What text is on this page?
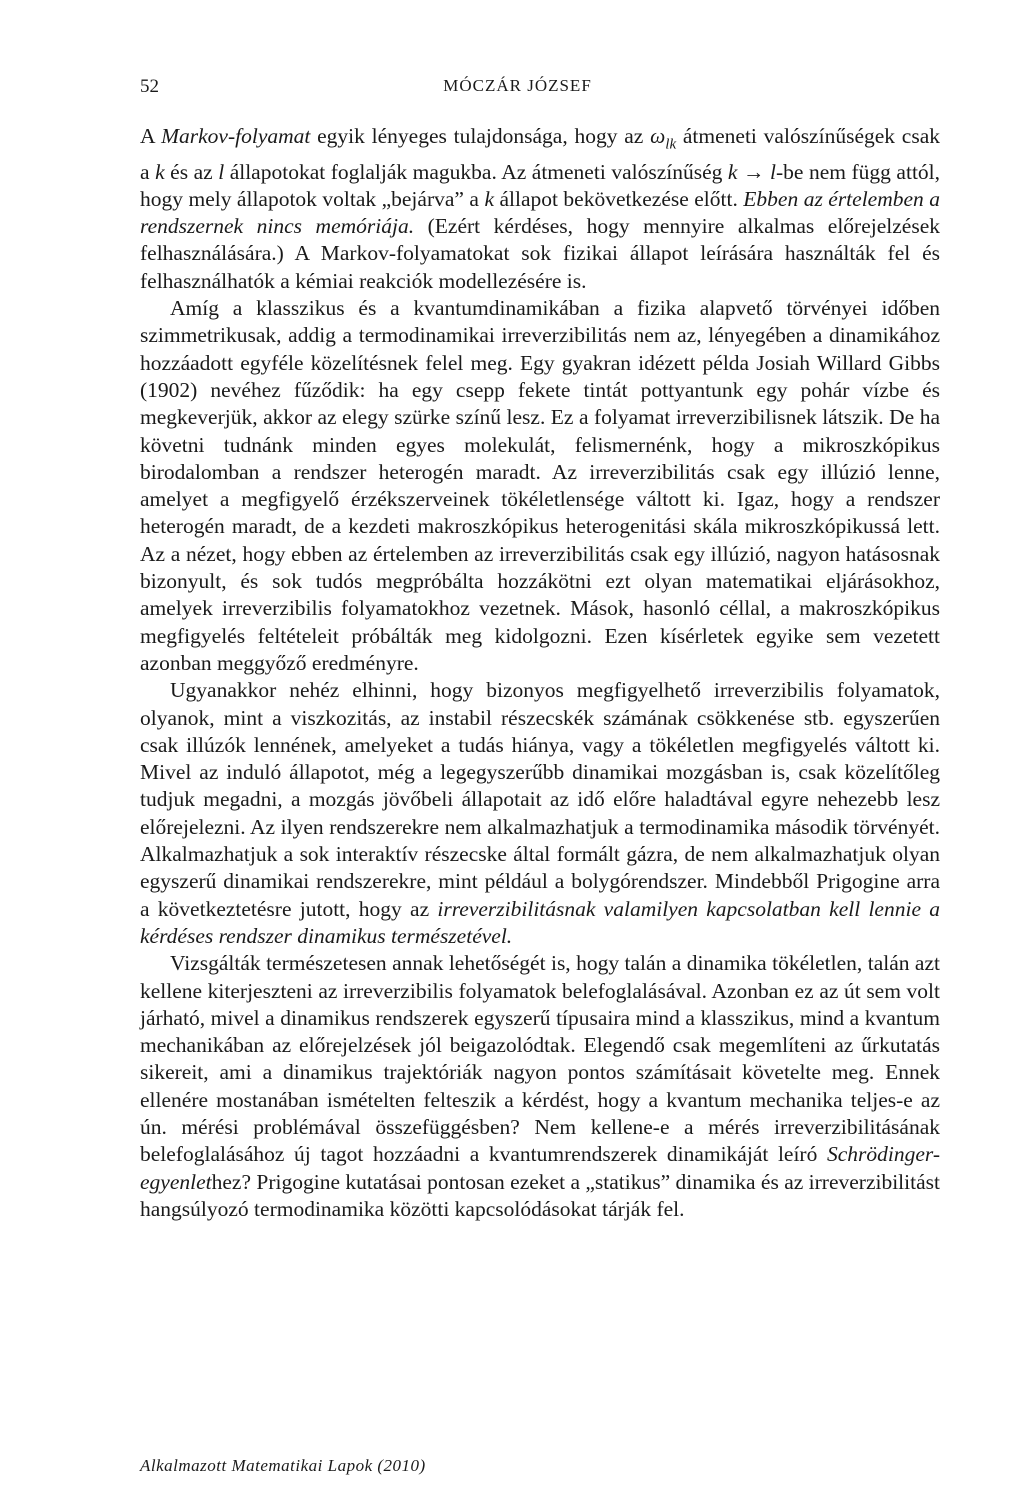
52	MÓCZÁR JÓZSEF

A Markov-folyamat egyik lényeges tulajdonsága, hogy az $\omega_{lk}$ átmeneti valószínűségek csak a k és az l állapotokat foglalják magukba. Az átmeneti valószínűség k → l-be nem függ attól, hogy mely állapotok voltak „bejárva” a k állapot bekövetkezése előtt. Ebben az értelemben a rendszernek nincs memóriája. (Ezért kérdéses, hogy mennyire alkalmas előrejelzések felhasználására.) A Markov-folyamatokat sok fizikai állapot leírására használták fel és felhasználhatók a kémiai reakciók modellezésére is.

Amíg a klasszikus és a kvantumdinamikában a fizika alapvető törvényei időben szimmetrikusak, addig a termodinamikai irreverzibilitás nem az, lényegében a dinamikához hozzáadott egyféle közelítésnek felel meg. Egy gyakran idézett példa Josiah Willard Gibbs (1902) nevéhez fűződik: ha egy csepp fekete tintát pottyantunk egy pohár vízbe és megkeverjük, akkor az elegy szürke színű lesz. Ez a folyamat irreverzibilisnek látszik. De ha követni tudnánk minden egyes molekulát, felismernénk, hogy a mikroszkópikus birodalomban a rendszer heterogén maradt. Az irreverzibilitás csak egy illúzió lenne, amelyet a megfigyelő érzékszerveinek tökéletlensége váltott ki. Igaz, hogy a rendszer heterogén maradt, de a kezdeti makroszkópikus heterogenitási skála mikroszkópikussá lett. Az a nézet, hogy ebben az értelemben az irreverzibilitás csak egy illúzió, nagyon hatásosnak bizonyult, és sok tudós megpróbálta hozzákötni ezt olyan matematikai eljárásokhoz, amelyek irreverzibilis folyamatokhoz vezetnek. Mások, hasonló céllal, a makroszkópikus megfigyelés feltételeit próbálták meg kidolgozni. Ezen kísérletek egyike sem vezetett azonban meggyőző eredményre.

Ugyanakkor nehéz elhinni, hogy bizonyos megfigyelhető irreverzibilis folyamatok, olyanok, mint a viszkozitás, az instabil részecskék számának csökkenése stb. egyszerűen csak illúzók lennének, amelyeket a tudás hiánya, vagy a tökéletlen megfigyelés váltott ki. Mivel az induló állapotot, még a legegyszerűbb dinamikai mozgásban is, csak közelítőleg tudjuk megadni, a mozgás jövőbeli állapotait az idő előre haladtával egyre nehezebb lesz előrejelezni. Az ilyen rendszerekre nem alkalmazhatjuk a termodinamika második törvényét. Alkalmazhatjuk a sok interaktív részecske által formált gázra, de nem alkalmazhatjuk olyan egyszerű dinamikai rendszerekre, mint például a bolygórendszer. Mindebből Prigogine arra a következtetésre jutott, hogy az irreverzibilitásnak valamilyen kapcsolatban kell lennie a kérdéses rendszer dinamikus természetével.

Vizsgálták természetesen annak lehetőségét is, hogy talán a dinamika tökéletlen, talán azt kellene kiterjeszteni az irreverzibilis folyamatok belefoglalásával. Azonban ez az út sem volt járható, mivel a dinamikus rendszerek egyszerű típusaira mind a klasszikus, mind a kvantum mechanikában az előrejelzések jól beigazolódtak. Elegendő csak megemlíteni az űrkutatás sikereit, ami a dinamikus trajektóriák nagyon pontos számításait követelte meg. Ennek ellenére mostanában ismételten felteszik a kérdést, hogy a kvantum mechanika teljes-e az ún. mérési problémával összefüggésben? Nem kellene-e a mérés irreverzibilitásának belefoglalásához új tagot hozzáadni a kvantumrendszerek dinamikáját leíró Schrödinger-egyenlethez? Prigogine kutatásai pontosan ezeket a „statikus” dinamika és az irreverzibilitást hangsúlyozó termodinamika közötti kapcsolódásokat tárják fel.

Alkalmazott Matematikai Lapok (2010)
